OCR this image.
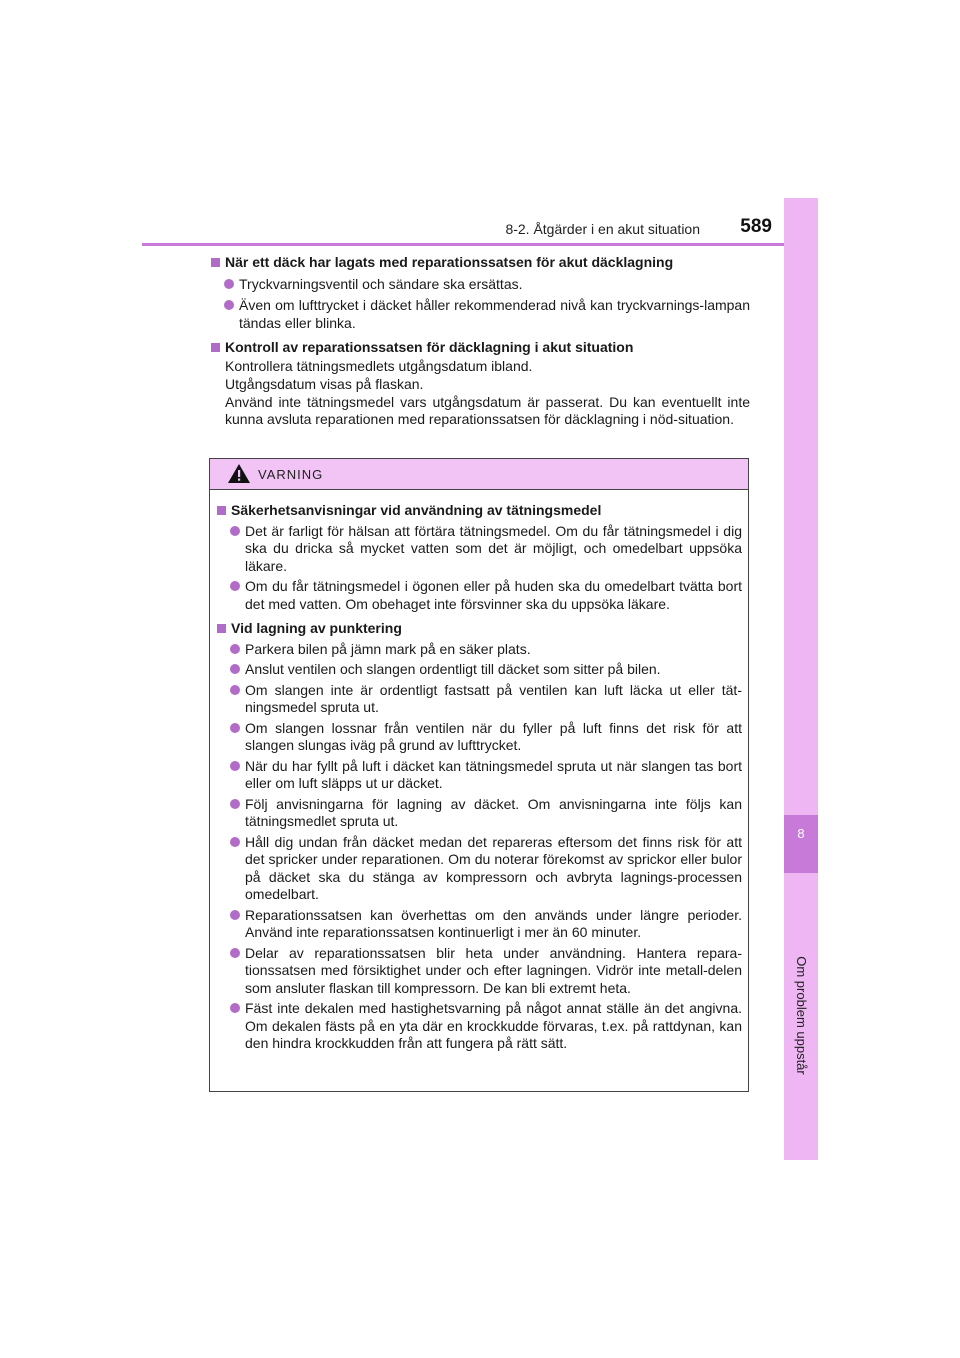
8-2. Åtgärder i en akut situation	589
8
Om problem uppstår
När ett däck har lagats med reparationssatsen för akut däcklagning
Tryckvarningsventil och sändare ska ersättas.
Även om lufttrycket i däcket håller rekommenderad nivå kan tryckvarnings-lampan tändas eller blinka.
Kontroll av reparationssatsen för däcklagning i akut situation
Kontrollera tätningsmedlets utgångsdatum ibland.
Utgångsdatum visas på flaskan.
Använd inte tätningsmedel vars utgångsdatum är passerat. Du kan eventuellt inte kunna avsluta reparationen med reparationssatsen för däcklagning i nöd-situation.
VARNING
Säkerhetsanvisningar vid användning av tätningsmedel
Det är farligt för hälsan att förtära tätningsmedel. Om du får tätningsmedel i dig ska du dricka så mycket vatten som det är möjligt, och omedelbart uppsöka läkare.
Om du får tätningsmedel i ögonen eller på huden ska du omedelbart tvätta bort det med vatten. Om obehaget inte försvinner ska du uppsöka läkare.
Vid lagning av punktering
Parkera bilen på jämn mark på en säker plats.
Anslut ventilen och slangen ordentligt till däcket som sitter på bilen.
Om slangen inte är ordentligt fastsatt på ventilen kan luft läcka ut eller tät-ningsmedel spruta ut.
Om slangen lossnar från ventilen när du fyller på luft finns det risk för att slangen slungas iväg på grund av lufttrycket.
När du har fyllt på luft i däcket kan tätningsmedel spruta ut när slangen tas bort eller om luft släpps ut ur däcket.
Följ anvisningarna för lagning av däcket. Om anvisningarna inte följs kan tätningsmedlet spruta ut.
Håll dig undan från däcket medan det repareras eftersom det finns risk för att det spricker under reparationen. Om du noterar förekomst av sprickor eller bulor på däcket ska du stänga av kompressorn och avbryta lagnings-processen omedelbart.
Reparationssatsen kan överhettas om den används under längre perioder. Använd inte reparationssatsen kontinuerligt i mer än 60 minuter.
Delar av reparationssatsen blir heta under användning. Hantera repara-tionssatsen med försiktighet under och efter lagningen. Vidrör inte metall-delen som ansluter flaskan till kompressorn. De kan bli extremt heta.
Fäst inte dekalen med hastighetsvarning på något annat ställe än det angivna. Om dekalen fästs på en yta där en krockkudde förvaras, t.ex. på rattdynan, kan den hindra krockkudden från att fungera på rätt sätt.
